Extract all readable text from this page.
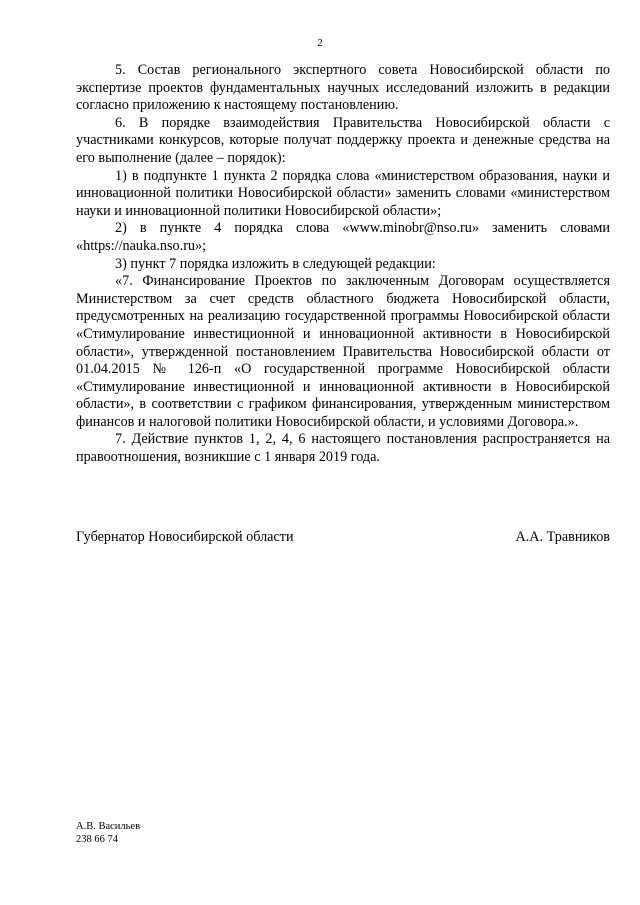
2

5. Состав регионального экспертного совета Новосибирской области по экспертизе проектов фундаментальных научных исследований изложить в редакции согласно приложению к настоящему постановлению.

6. В порядке взаимодействия Правительства Новосибирской области с участниками конкурсов, которые получат поддержку проекта и денежные средства на его выполнение (далее – порядок):

1) в подпункте 1 пункта 2 порядка слова «министерством образования, науки и инновационной политики Новосибирской области» заменить словами «министерством науки и инновационной политики Новосибирской области»;

2) в пункте 4 порядка слова «www.minobr@nso.ru» заменить словами «https://nauka.nso.ru»;

3) пункт 7 порядка изложить в следующей редакции:

«7. Финансирование Проектов по заключенным Договорам осуществляется Министерством за счет средств областного бюджета Новосибирской области, предусмотренных на реализацию государственной программы Новосибирской области «Стимулирование инвестиционной и инновационной активности в Новосибирской области», утвержденной постановлением Правительства Новосибирской области от 01.04.2015 № 126-п «О государственной программе Новосибирской области «Стимулирование инвестиционной и инновационной активности в Новосибирской области», в соответствии с графиком финансирования, утвержденным министерством финансов и налоговой политики Новосибирской области, и условиями Договора.».

7. Действие пунктов 1, 2, 4, 6 настоящего постановления распространяется на правоотношения, возникшие с 1 января 2019 года.

Губернатор Новосибирской области	А.А. Травников
А.В. Васильев
238 66 74
